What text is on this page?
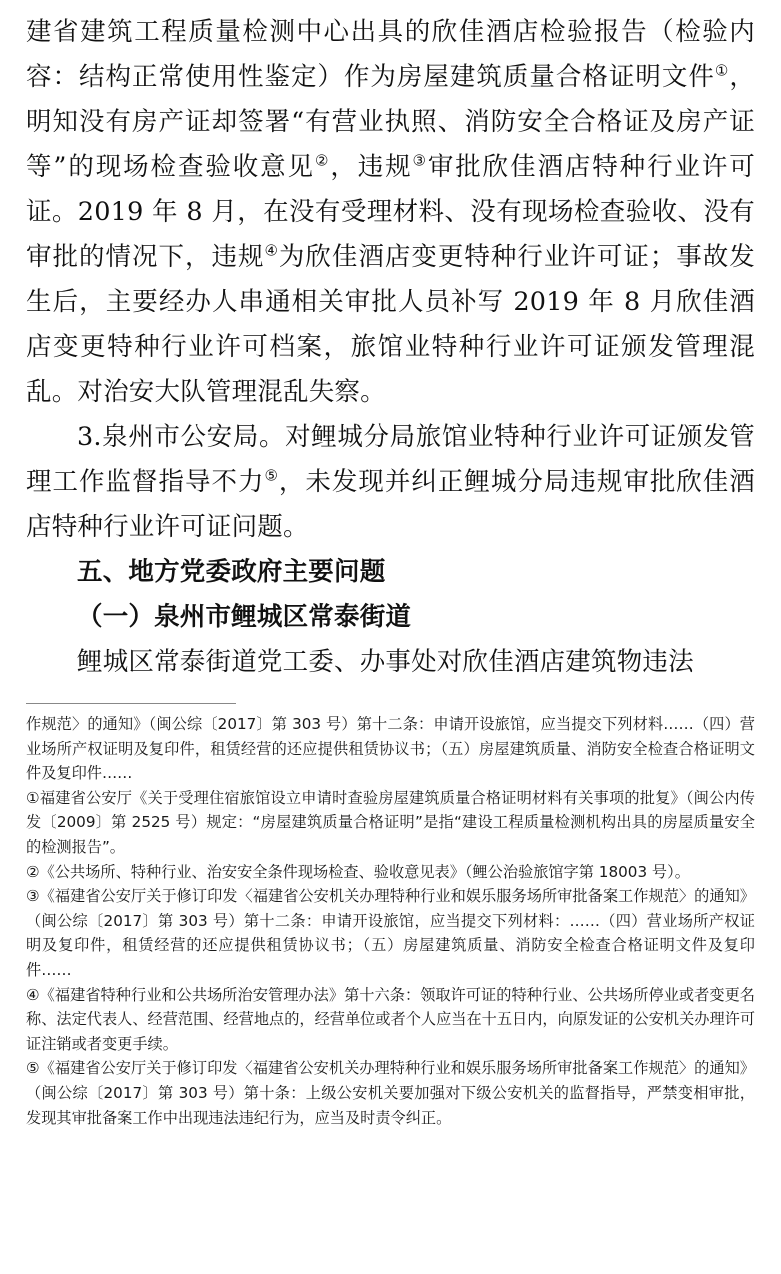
建省建筑工程质量检测中心出具的欣佳酒店检验报告（检验内容：结构正常使用性鉴定）作为房屋建筑质量合格证明文件①，明知没有房产证却签署“有营业执照、消防安全合格证及房产证等”的现场检查验收意见②，违规③审批欣佳酒店特种行业许可证。2019 年 8 月，在没有受理材料、没有现场检查验收、没有审批的情况下，违规④为欣佳酒店变更特种行业许可证；事故发生后，主要经办人串通相关审批人员补写 2019 年 8 月欣佳酒店变更特种行业许可档案，旅馆业特种行业许可证颁发管理混乱。对治安大队管理混乱失察。

3.泉州市公安局。对鲤城分局旅馆业特种行业许可证颁发管理工作监督指导不力⑤，未发现并纠正鲤城分局违规审批欣佳酒店特种行业许可证问题。

五、地方党委政府主要问题

（一）泉州市鲤城区常泰街道

鲤城区常泰街道党工委、办事处对欣佳酒店建筑物违法

作规范〉的通知》（闽公综〔2017〕第 303 号）第十二条：申请开设旅馆，应当提交下列材料……（四）营业场所产权证明及复印件，租赁经营的还应提供租赁协议书；（五）房屋建筑质量、消防安全检查合格证明文件及复印件……

①福建省公安厅《关于受理住宿旅馆设立申请时查验房屋建筑质量合格证明材料有关事项的批复》（闽公内传发〔2009〕第 2525 号）规定：“房屋建筑质量合格证明”是指“建设工程质量检测机构出具的房屋质量安全的检测报告”。

②《公共场所、特种行业、治安安全条件现场检查、验收意见表》（鲤公治验旅馆字第 18003 号）。

③《福建省公安厅关于修订印发〈福建省公安机关办理特种行业和娱乐服务场所审批备案工作规范〉的通知》（闽公综〔2017〕第 303 号）第十二条：申请开设旅馆，应当提交下列材料：……（四）营业场所产权证明及复印件，租赁经营的还应提供租赁协议书；（五）房屋建筑质量、消防安全检查合格证明文件及复印件……

④《福建省特种行业和公共场所治安管理办法》第十六条：领取许可证的特种行业、公共场所停业或者变更名称、法定代表人、经营范围、经营地点的，经营单位或者个人应当在十五日内，向原发证的公安机关办理许可证注销或者变更手续。

⑤《福建省公安厅关于修订印发〈福建省公安机关办理特种行业和娱乐服务场所审批备案工作规范〉的通知》（闽公综〔2017〕第 303 号）第十条：上级公安机关要加强对下级公安机关的监督指导，严禁变相审批，发现其审批备案工作中出现违法违纪行为，应当及时责令纠正。
